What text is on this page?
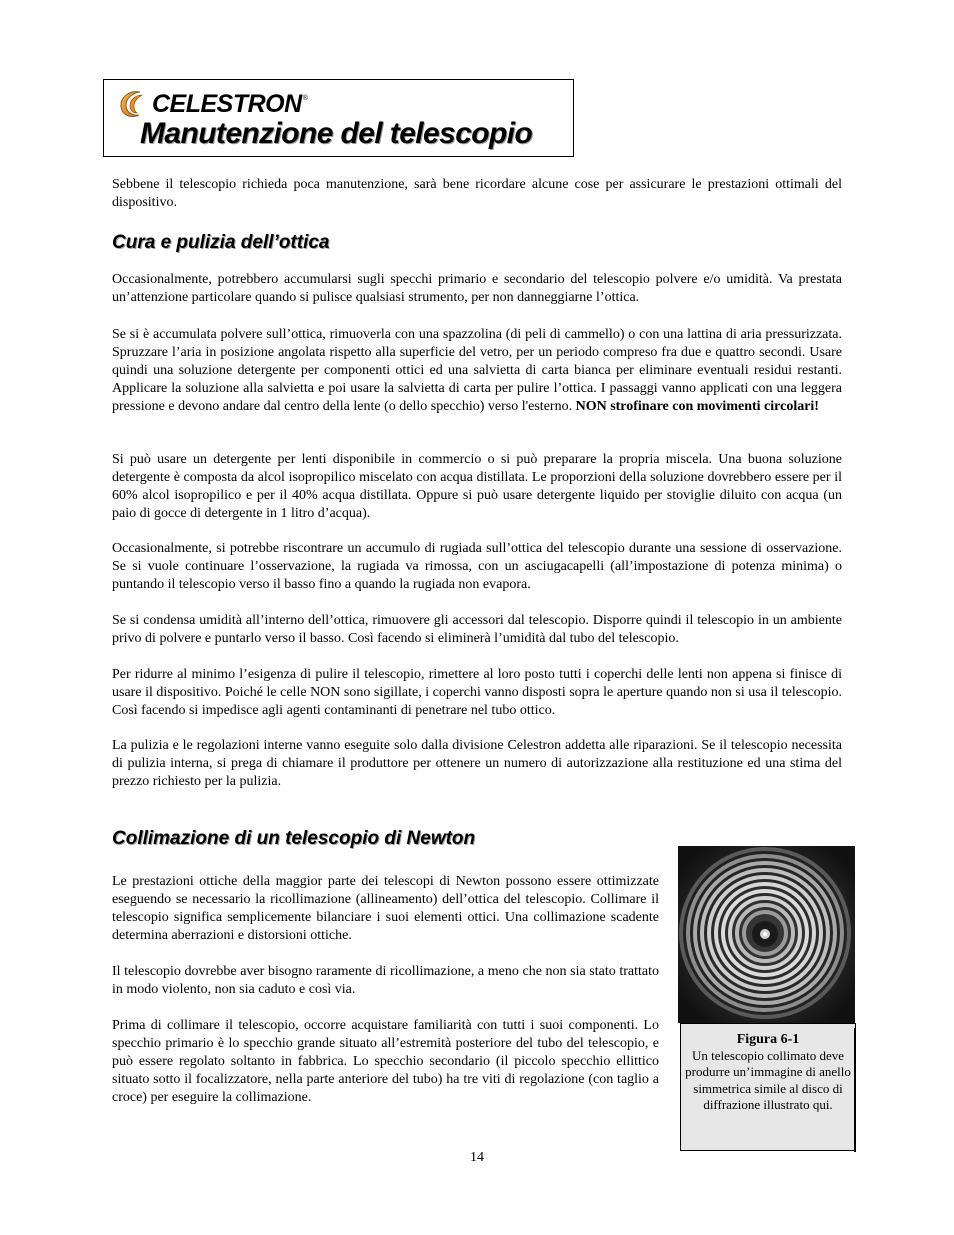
CELESTRON ®
Manutenzione del telescopio

Sebbene il telescopio richieda poca manutenzione, sarà bene ricordare alcune cose per assicurare le prestazioni ottimali del dispositivo.

Cura e pulizia dell’ottica

Occasionalmente, potrebbero accumularsi sugli specchi primario e secondario del telescopio polvere e/o umidità. Va prestata un’attenzione particolare quando si pulisce qualsiasi strumento, per non danneggiarne l’ottica.

Se si è accumulata polvere sull’ottica, rimuoverla con una spazzolina (di peli di cammello) o con una lattina di aria pressurizzata. Spruzzare l’aria in posizione angolata rispetto alla superficie del vetro, per un periodo compreso fra due e quattro secondi. Usare quindi una soluzione detergente per componenti ottici ed una salvietta di carta bianca per eliminare eventuali residui restanti. Applicare la soluzione alla salvietta e poi usare la salvietta di carta per pulire l’ottica. I passaggi vanno applicati con una leggera pressione e devono andare dal centro della lente (o dello specchio) verso l'esterno. NON strofinare con movimenti circolari!

Si può usare un detergente per lenti disponibile in commercio o si può preparare la propria miscela. Una buona soluzione detergente è composta da alcol isopropilico miscelato con acqua distillata. Le proporzioni della soluzione dovrebbero essere per il 60% alcol isopropilico e per il 40% acqua distillata. Oppure si può usare detergente liquido per stoviglie diluito con acqua (un paio di gocce di detergente in 1 litro d’acqua).

Occasionalmente, si potrebbe riscontrare un accumulo di rugiada sull’ottica del telescopio durante una sessione di osservazione. Se si vuole continuare l’osservazione, la rugiada va rimossa, con un asciugacapelli (all’impostazione di potenza minima) o puntando il telescopio verso il basso fino a quando la rugiada non evapora.

Se si condensa umidità all’interno dell’ottica, rimuovere gli accessori dal telescopio. Disporre quindi il telescopio in un ambiente privo di polvere e puntarlo verso il basso. Così facendo si eliminerà l’umidità dal tubo del telescopio.

Per ridurre al minimo l’esigenza di pulire il telescopio, rimettere al loro posto tutti i coperchi delle lenti non appena si finisce di usare il dispositivo. Poiché le celle NON sono sigillate, i coperchi vanno disposti sopra le aperture quando non si usa il telescopio. Così facendo si impedisce agli agenti contaminanti di penetrare nel tubo ottico.

La pulizia e le regolazioni interne vanno eseguite solo dalla divisione Celestron addetta alle riparazioni. Se il telescopio necessita di pulizia interna, si prega di chiamare il produttore per ottenere un numero di autorizzazione alla restituzione ed una stima del prezzo richiesto per la pulizia.

Collimazione di un telescopio di Newton

Le prestazioni ottiche della maggior parte dei telescopi di Newton possono essere ottimizzate eseguendo se necessario la ricollimazione (allineamento) dell’ottica del telescopio. Collimare il telescopio significa semplicemente bilanciare i suoi elementi ottici. Una collimazione scadente determina aberrazioni e distorsioni ottiche.

Il telescopio dovrebbe aver bisogno raramente di ricollimazione, a meno che non sia stato trattato in modo violento, non sia caduto e così via.

Prima di collimare il telescopio, occorre acquistare familiarità con tutti i suoi componenti. Lo specchio primario è lo specchio grande situato all’estremità posteriore del tubo del telescopio, e può essere regolato soltanto in fabbrica. Lo specchio secondario (il piccolo specchio ellittico situato sotto il focalizzatore, nella parte anteriore del tubo) ha tre viti di regolazione (con taglio a croce) per eseguire la collimazione.

Figura 6-1
Un telescopio collimato deve produrre un’immagine di anello simmetrica simile al disco di diffrazione illustrato qui.
14
